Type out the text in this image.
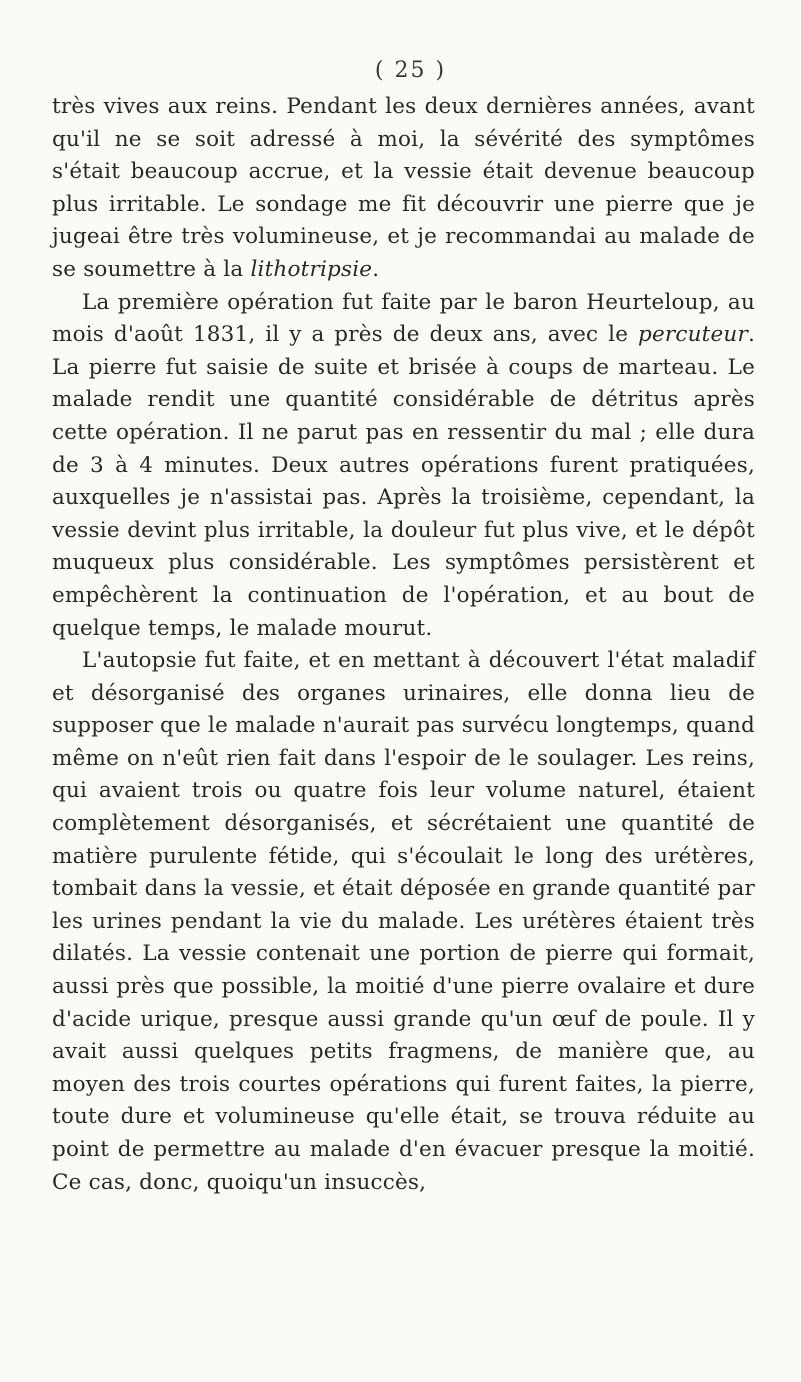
( 25 )

très vives aux reins. Pendant les deux dernières années, avant qu'il ne se soit adressé à moi, la sévérité des symptômes s'était beaucoup accrue, et la vessie était devenue beaucoup plus irritable. Le sondage me fit découvrir une pierre que je jugeai être très volumineuse, et je recommandai au malade de se soumettre à la lithotripsie.

La première opération fut faite par le baron Heurteloup, au mois d'août 1831, il y a près de deux ans, avec le percuteur. La pierre fut saisie de suite et brisée à coups de marteau. Le malade rendit une quantité considérable de détritus après cette opération. Il ne parut pas en ressentir du mal ; elle dura de 3 à 4 minutes. Deux autres opérations furent pratiquées, auxquelles je n'assistai pas. Après la troisième, cependant, la vessie devint plus irritable, la douleur fut plus vive, et le dépôt muqueux plus considérable. Les symptômes persistèrent et empêchèrent la continuation de l'opération, et au bout de quelque temps, le malade mourut.

L'autopsie fut faite, et en mettant à découvert l'état maladif et désorganisé des organes urinaires, elle donna lieu de supposer que le malade n'aurait pas survécu longtemps, quand même on n'eût rien fait dans l'espoir de le soulager. Les reins, qui avaient trois ou quatre fois leur volume naturel, étaient complètement désorganisés, et sécrétaient une quantité de matière purulente fétide, qui s'écoulait le long des urétères, tombait dans la vessie, et était déposée en grande quantité par les urines pendant la vie du malade. Les urétères étaient très dilatés. La vessie contenait une portion de pierre qui formait, aussi près que possible, la moitié d'une pierre ovalaire et dure d'acide urique, presque aussi grande qu'un œuf de poule. Il y avait aussi quelques petits fragmens, de manière que, au moyen des trois courtes opérations qui furent faites, la pierre, toute dure et volumineuse qu'elle était, se trouva réduite au point de permettre au malade d'en évacuer presque la moitié. Ce cas, donc, quoiqu'un insuccès,
